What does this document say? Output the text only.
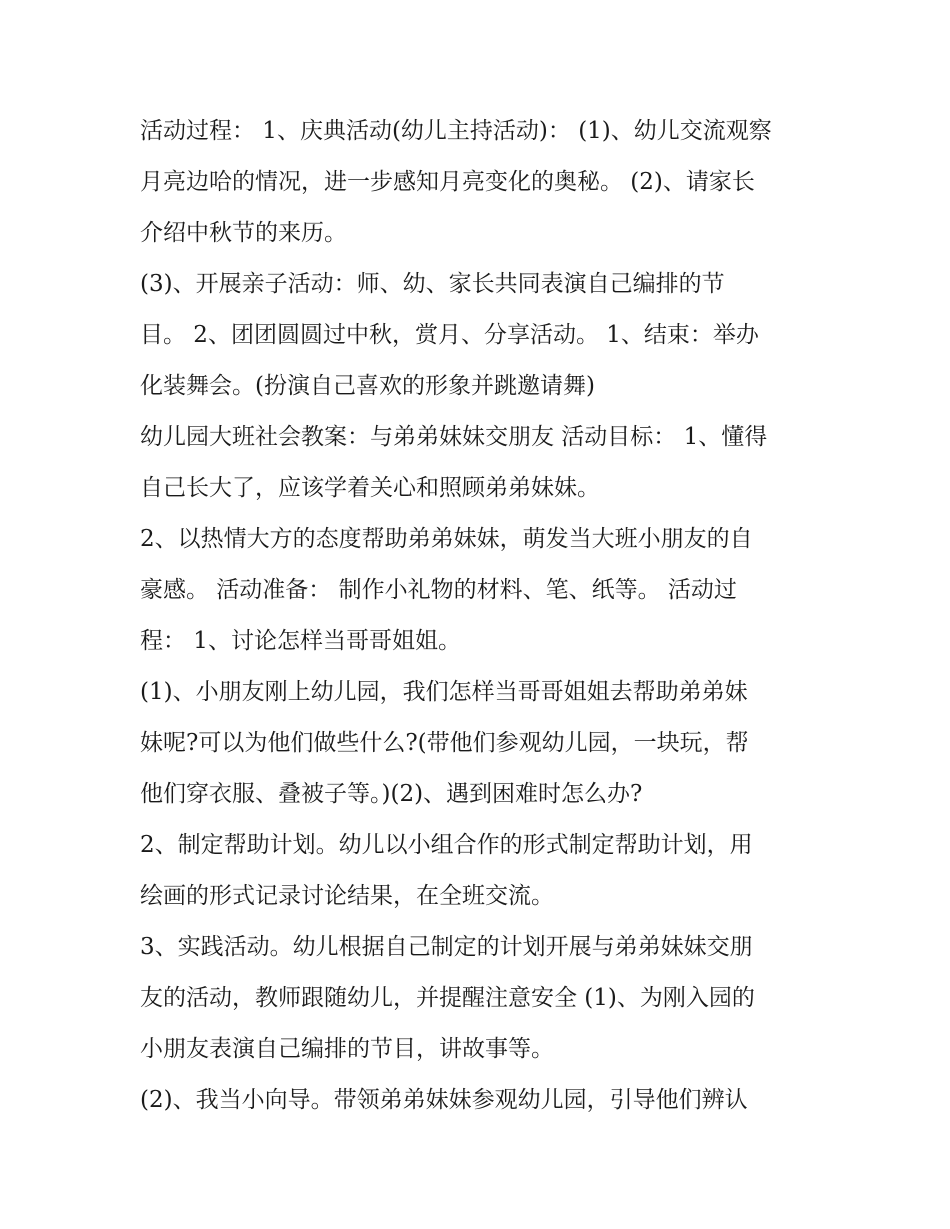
活动过程： 1、庆典活动(幼儿主持活动)： (1)、幼儿交流观察
月亮边哈的情况，进一步感知月亮变化的奥秘。 (2)、请家长
介绍中秋节的来历。
(3)、开展亲子活动：师、幼、家长共同表演自己编排的节
目。 2、团团圆圆过中秋，赏月、分享活动。 1、结束：举办
化装舞会。(扮演自己喜欢的形象并跳邀请舞)
幼儿园大班社会教案：与弟弟妹妹交朋友 活动目标： 1、懂得
自己长大了，应该学着关心和照顾弟弟妹妹。
2、以热情大方的态度帮助弟弟妹妹，萌发当大班小朋友的自
豪感。 活动准备： 制作小礼物的材料、笔、纸等。 活动过
程： 1、讨论怎样当哥哥姐姐。
(1)、小朋友刚上幼儿园，我们怎样当哥哥姐姐去帮助弟弟妹
妹呢?可以为他们做些什么?(带他们参观幼儿园，一块玩，帮
他们穿衣服、叠被子等。)(2)、遇到困难时怎么办?
2、制定帮助计划。幼儿以小组合作的形式制定帮助计划，用
绘画的形式记录讨论结果，在全班交流。
3、实践活动。幼儿根据自己制定的计划开展与弟弟妹妹交朋
友的活动，教师跟随幼儿，并提醒注意安全 (1)、为刚入园的
小朋友表演自己编排的节目，讲故事等。
(2)、我当小向导。带领弟弟妹妹参观幼儿园，引导他们辨认
